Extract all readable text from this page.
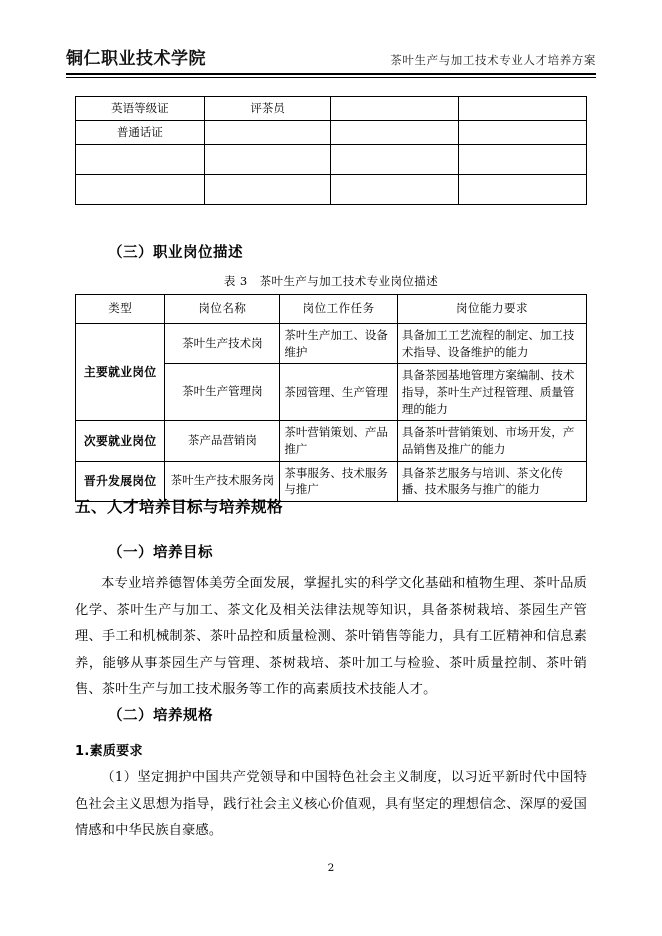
铜仁职业技术学院	茶叶生产与加工技术专业人才培养方案
英语等级证	评茶员		
普通话证			

（三）职业岗位描述
表 3 茶叶生产与加工技术专业岗位描述
类型	岗位名称	岗位工作任务	岗位能力要求
主要就业岗位	茶叶生产技术岗	茶叶生产加工、设备维护	具备加工工艺流程的制定、加工技术指导、设备维护的能力
	茶叶生产管理岗	茶园管理、生产管理	具备茶园基地管理方案编制、技术指导，茶叶生产过程管理、质量管理的能力
次要就业岗位	茶产品营销岗	茶叶营销策划、产品推广	具备茶叶营销策划、市场开发，产品销售及推广的能力
晋升发展岗位	茶叶生产技术服务岗	茶事服务、技术服务与推广	具备茶艺服务与培训、茶文化传播、技术服务与推广的能力
五、人才培养目标与培养规格
（一）培养目标
本专业培养德智体美劳全面发展，掌握扎实的科学文化基础和植物生理、茶叶品质化学、茶叶生产与加工、茶文化及相关法律法规等知识，具备茶树栽培、茶园生产管理、手工和机械制茶、茶叶品控和质量检测、茶叶销售等能力，具有工匠精神和信息素养，能够从事茶园生产与管理、茶树栽培、茶叶加工与检验、茶叶质量控制、茶叶销售、茶叶生产与加工技术服务等工作的高素质技术技能人才。
（二）培养规格
1.素质要求
（1）坚定拥护中国共产党领导和中国特色社会主义制度，以习近平新时代中国特色社会主义思想为指导，践行社会主义核心价值观，具有坚定的理想信念、深厚的爱国情感和中华民族自豪感。
2
